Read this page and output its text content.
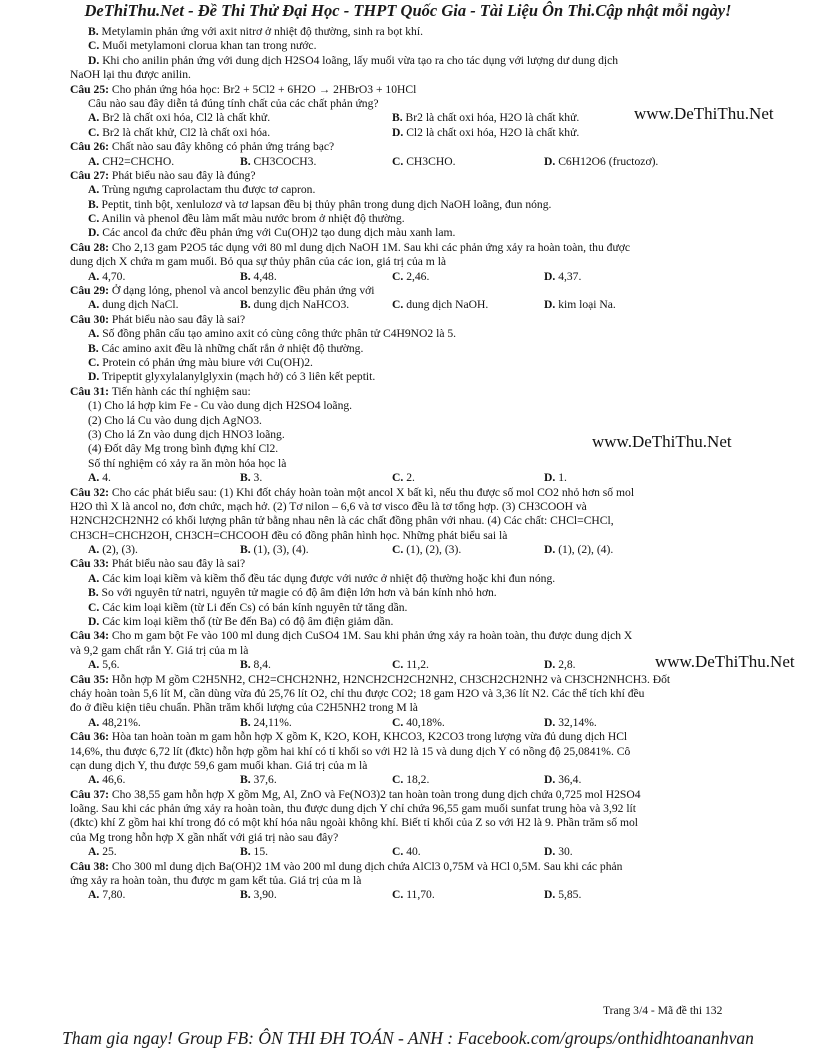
DeThiThu.Net - Đề Thi Thử Đại Học - THPT Quốc Gia - Tài Liệu Ôn Thi.Cập nhật mỗi ngày!
www.DeThiThu.Net
www.DeThiThu.Net
www.DeThiThu.Net
B. Metylamin phản ứng với axit nitrơ ở nhiệt độ thường, sinh ra bọt khí.
C. Muối metylamoni clorua khan tan trong nước.
D. Khi cho anilin phản ứng với dung dịch H2SO4 loãng, lấy muối vừa tạo ra cho tác dụng với lượng dư dung dịch
NaOH lại thu được anilin.
Câu 25: Cho phản ứng hóa học: Br2 + 5Cl2 + 6H2O → 2HBrO3 + 10HCl
Câu nào sau đây diễn tả đúng tính chất của các chất phản ứng?
A. Br2 là chất oxi hóa, Cl2 là chất khử.	B. Br2 là chất oxi hóa, H2O là chất khử.
C. Br2 là chất khử, Cl2 là chất oxi hóa.	D. Cl2 là chất oxi hóa, H2O là chất khử.
Câu 26: Chất nào sau đây không có phản ứng tráng bạc?
A. CH2=CHCHO.	B. CH3COCH3.	C. CH3CHO.	D. C6H12O6 (fructozơ).
Câu 27: Phát biểu nào sau đây là đúng?
A. Trùng ngưng caprolactam thu được tơ capron.
B. Peptit, tinh bột, xenlulozơ và tơ lapsan đều bị thủy phân trong dung dịch NaOH loãng, đun nóng.
C. Anilin và phenol đều làm mất màu nước brom ở nhiệt độ thường.
D. Các ancol đa chức đều phản ứng với Cu(OH)2 tạo dung dịch màu xanh lam.
Câu 28: Cho 2,13 gam P2O5 tác dụng với 80 ml dung dịch NaOH 1M. Sau khi các phản ứng xảy ra hoàn toàn, thu được
dung dịch X chứa m gam muối. Bỏ qua sự thủy phân của các ion, giá trị của m là
A. 4,70.	B. 4,48.	C. 2,46.	D. 4,37.
Câu 29: Ở dạng lỏng, phenol và ancol benzylic đều phản ứng với
A. dung dịch NaCl.	B. dung dịch NaHCO3.	C. dung dịch NaOH.	D. kim loại Na.
Câu 30: Phát biểu nào sau đây là sai?
A. Số đồng phân cấu tạo amino axit có cùng công thức phân tử C4H9NO2 là 5.
B. Các amino axit đều là những chất rắn ở nhiệt độ thường.
C. Protein có phản ứng màu biure với Cu(OH)2.
D. Tripeptit glyxylalanylglyxin (mạch hở) có 3 liên kết peptit.
Câu 31: Tiến hành các thí nghiệm sau:
(1) Cho lá hợp kim Fe - Cu vào dung dịch H2SO4 loãng.
(2) Cho lá Cu vào dung dịch AgNO3.
(3) Cho lá Zn vào dung dịch HNO3 loãng.
(4) Đốt dây Mg trong bình đựng khí Cl2.
Số thí nghiệm có xảy ra ăn mòn hóa học là
A. 4.	B. 3.	C. 2.	D. 1.
Câu 32: Cho các phát biểu sau: (1) Khi đốt cháy hoàn toàn một ancol X bất kì, nếu thu được số mol CO2 nhỏ hơn số mol
H2O thì X là ancol no, đơn chức, mạch hở. (2) Tơ nilon – 6,6 và tơ visco đều là tơ tổng hợp. (3) CH3COOH và
H2NCH2CH2NH2 có khối lượng phân tử bằng nhau nên là các chất đồng phân với nhau. (4) Các chất: CHCl=CHCl,
CH3CH=CHCH2OH, CH3CH=CHCOOH đều có đồng phân hình học. Những phát biểu sai là
A. (2), (3).	B. (1), (3), (4).	C. (1), (2), (3).	D. (1), (2), (4).
Câu 33: Phát biểu nào sau đây là sai?
A. Các kim loại kiềm và kiềm thổ đều tác dụng được với nước ở nhiệt độ thường hoặc khi đun nóng.
B. So với nguyên tử natri, nguyên tử magie có độ âm điện lớn hơn và bán kính nhỏ hơn.
C. Các kim loại kiềm (từ Li đến Cs) có bán kính nguyên tử tăng dần.
D. Các kim loại kiềm thổ (từ Be đến Ba) có độ âm điện giảm dần.
Câu 34: Cho m gam bột Fe vào 100 ml dung dịch CuSO4 1M. Sau khi phản ứng xảy ra hoàn toàn, thu được dung dịch X
và 9,2 gam chất rắn Y. Giá trị của m là
A. 5,6.	B. 8,4.	C. 11,2.	D. 2,8.
Câu 35: Hỗn hợp M gồm C2H5NH2, CH2=CHCH2NH2, H2NCH2CH2CH2NH2, CH3CH2CH2NH2 và CH3CH2NHCH3. Đốt
cháy hoàn toàn 5,6 lít M, cần dùng vừa đủ 25,76 lít O2, chỉ thu được CO2; 18 gam H2O và 3,36 lít N2. Các thể tích khí đều
đo ở điều kiện tiêu chuẩn. Phần trăm khối lượng của C2H5NH2 trong M là
A. 48,21%.	B. 24,11%.	C. 40,18%.	D. 32,14%.
Câu 36: Hòa tan hoàn toàn m gam hỗn hợp X gồm K, K2O, KOH, KHCO3, K2CO3 trong lượng vừa đủ dung dịch HCl
14,6%, thu được 6,72 lít (đktc) hỗn hợp gồm hai khí có tỉ khối so với H2 là 15 và dung dịch Y có nồng độ 25,0841%. Cô
cạn dung dịch Y, thu được 59,6 gam muối khan. Giá trị của m là
A. 46,6.	B. 37,6.	C. 18,2.	D. 36,4.
Câu 37: Cho 38,55 gam hỗn hợp X gồm Mg, Al, ZnO và Fe(NO3)2 tan hoàn toàn trong dung dịch chứa 0,725 mol H2SO4
loãng. Sau khi các phản ứng xảy ra hoàn toàn, thu được dung dịch Y chỉ chứa 96,55 gam muối sunfat trung hòa và 3,92 lít
(đktc) khí Z gồm hai khí trong đó có một khí hóa nâu ngoài không khí. Biết tỉ khối của Z so với H2 là 9. Phần trăm số mol
của Mg trong hỗn hợp X gần nhất với giá trị nào sau đây?
A. 25.	B. 15.	C. 40.	D. 30.
Câu 38: Cho 300 ml dung dịch Ba(OH)2 1M vào 200 ml dung dịch chứa AlCl3 0,75M và HCl 0,5M. Sau khi các phản
ứng xảy ra hoàn toàn, thu được m gam kết tủa. Giá trị của m là
A. 7,80.	B. 3,90.	C. 11,70.	D. 5,85.
Trang 3/4 - Mã đề thi 132
Tham gia ngay! Group FB: ÔN THI ĐH TOÁN - ANH : Facebook.com/groups/onthidhtoananhvan
